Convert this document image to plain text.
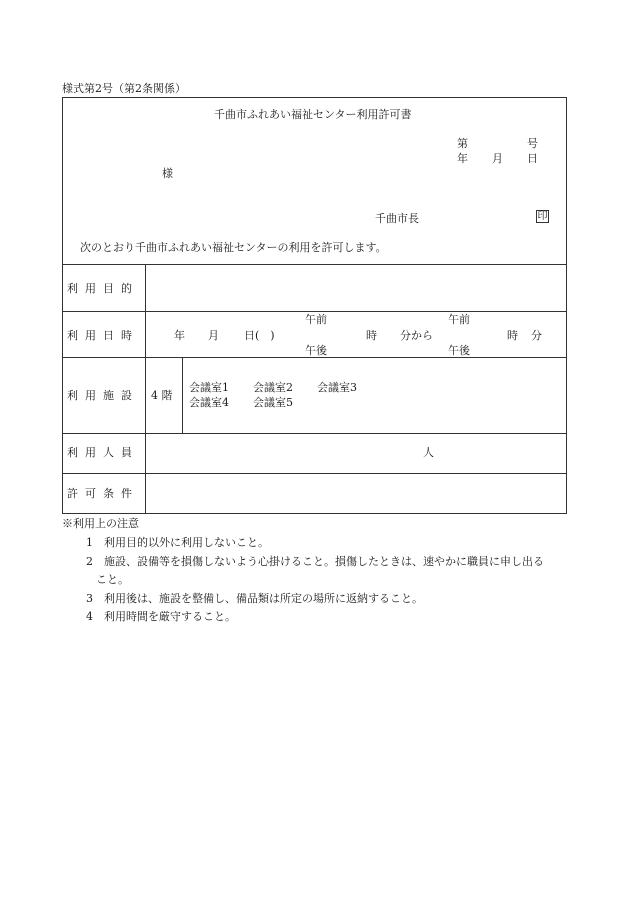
様式第2号（第2条関係）
千曲市ふれあい福祉センター利用許可書
第	号
年 月 日
様
千曲市長	印
次のとおり千曲市ふれあい福祉センターの利用を許可します。
利用目的
利用日時
利用施設
利用人員
許可条件
年 月 日(　)
午前
午後
時 分から
午前
午後
時 分
4 階
会議室1 会議室2 会議室3
会議室4 会議室5
人
※利用上の注意
1　利用目的以外に利用しないこと。
2　施設、設備等を損傷しないよう心掛けること。損傷したときは、速やかに職員に申し出る
こと。
3　利用後は、施設を整備し、備品類は所定の場所に返納すること。
4　利用時間を厳守すること。
